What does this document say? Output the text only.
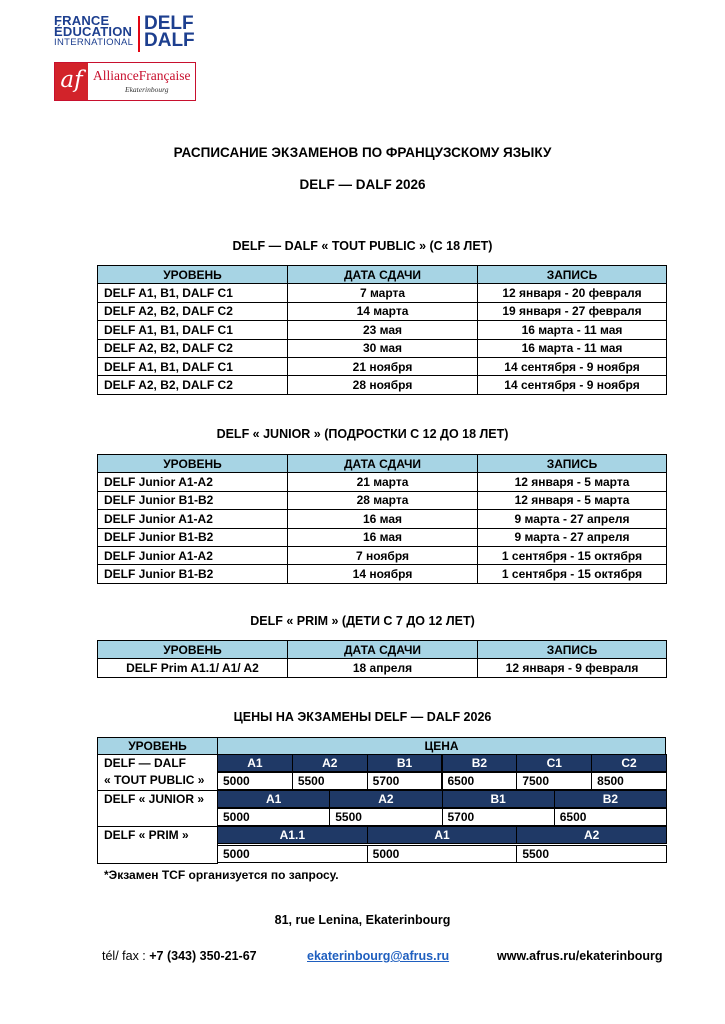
FRANCE
ÉDUCATION
INTERNATIONAL
DELF
DALF
af AllianceFrançaise
Ekaterinbourg
РАСПИСАНИЕ ЭКЗАМЕНОВ ПО ФРАНЦУЗСКОМУ ЯЗЫКУ
DELF — DALF 2026
DELF — DALF « TOUT PUBLIC » (С 18 ЛЕТ)
УРОВЕНЬ	ДАТА СДАЧИ	ЗАПИСЬ
DELF A1, B1, DALF C1	7 марта	12 января - 20 февраля
DELF A2, B2, DALF C2	14 марта	19 января - 27 февраля
DELF A1, B1, DALF C1	23 мая	16 марта - 11 мая
DELF A2, B2, DALF C2	30 мая	16 марта - 11 мая
DELF A1, B1, DALF C1	21 ноября	14 сентября - 9 ноября
DELF A2, B2, DALF C2	28 ноября	14 сентября - 9 ноября
DELF « JUNIOR » (ПОДРОСТКИ С 12 ДО 18 ЛЕТ)
УРОВЕНЬ	ДАТА СДАЧИ	ЗАПИСЬ
DELF Junior A1-A2	21 марта	12 января - 5 марта
DELF Junior B1-B2	28 марта	12 января - 5 марта
DELF Junior A1-A2	16 мая	9 марта - 27 апреля
DELF Junior B1-B2	16 мая	9 марта - 27 апреля
DELF Junior A1-A2	7 ноября	1 сентября - 15 октября
DELF Junior B1-B2	14 ноября	1 сентября - 15 октября
DELF « PRIM » (ДЕТИ С 7 ДО 12 ЛЕТ)
УРОВЕНЬ	ДАТА СДАЧИ	ЗАПИСЬ
DELF Prim A1.1/ A1/ A2	18 апреля	12 января - 9 февраля
ЦЕНЫ НА ЭКЗАМЕНЫ DELF — DALF 2026
УРОВЕНЬ	ЦЕНА
DELF — DALF
« TOUT PUBLIC »
A1	A2	B1	B2	C1	C2
5000	5500	5700	6500	7500	8500
DELF « JUNIOR »	A1	A2	B1	B2
5000	5500	5700	6500
DELF « PRIM »	A1.1	A1	A2
5000	5000	5500
*Экзамен TCF организуется по запросу.
81, rue Lenina, Ekaterinbourg
tél/ fax : +7 (343) 350-21-67	ekaterinbourg@afrus.ru	www.afrus.ru/ekaterinbourg
